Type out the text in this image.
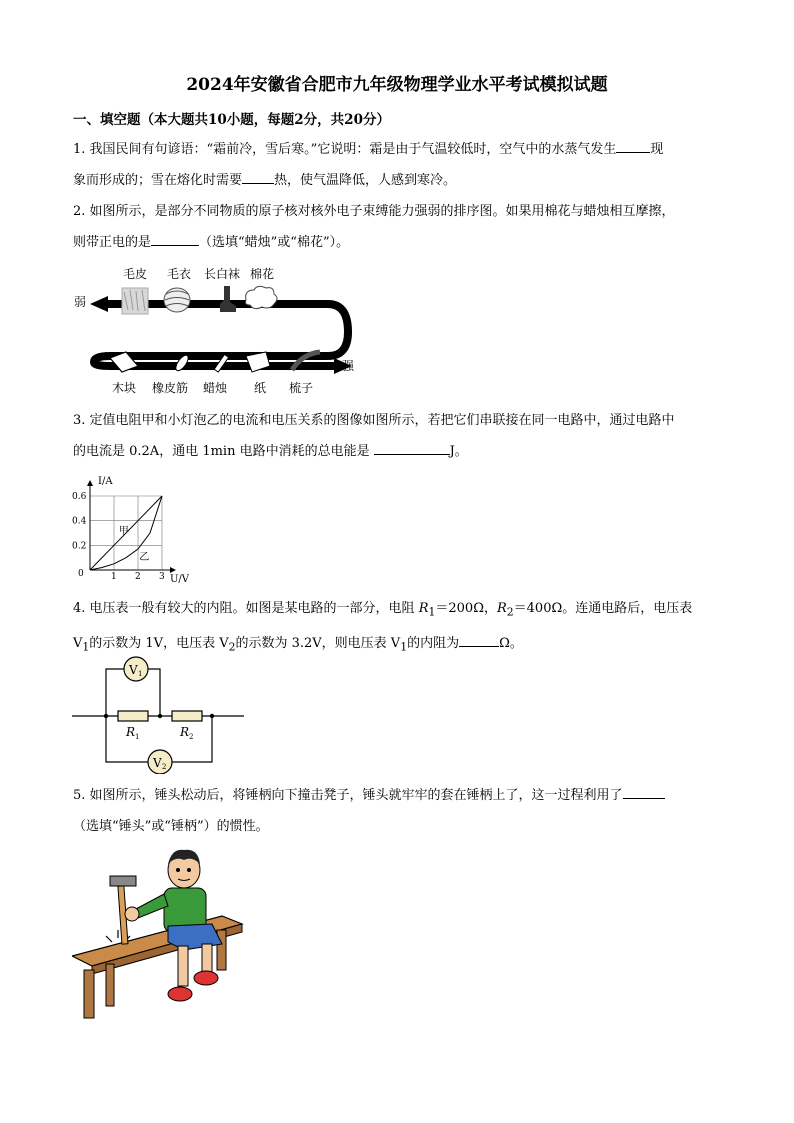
2024年安徽省合肥市九年级物理学业水平考试模拟试题
一、填空题（本大题共10小题，每题2分，共20分）
1. 我国民间有句谚语：“霜前冷，雪后寒。”它说明：霜是由于气温较低时，空气中的水蒸气发生	现
象而形成的；雪在熔化时需要 热，使气温降低，人感到寒冷。
2. 如图所示，是部分不同物质的原子核对核外电子束缚能力强弱的排序图。如果用棉花与蜡烛相互摩擦，
则带正电的是	（选填“蜡烛”或“棉花”）。
毛皮 毛衣 长白袜 棉花
弱
强
木块 橡皮筋 蜡烛 纸 梳子
3. 定值电阻甲和小灯泡乙的电流和电压关系的图像如图所示，若把它们串联接在同一电路中，通过电路中
的电流是 0.2A，通电 1min 电路中消耗的总电能是	J。
1 2 3
0.2
0.4
0.6
甲
乙
I/A
U/V
0
4. 电压表一般有较大的内阻。如图是某电路的一部分，电阻 $R_1=200\Omega$，$R_2=400\Omega$。连通电路后，电压表
$V_1$的示数为 1V，电压表 $V_2$的示数为 3.2V，则电压表 $V_1$的内阻为	Ω。
V 1
V 2
R 1	R 2
5. 如图所示，锤头松动后，将锤柄向下撞击凳子，锤头就牢牢的套在锤柄上了，这一过程利用了
（选填“锤头”或“锤柄”）的惯性。
